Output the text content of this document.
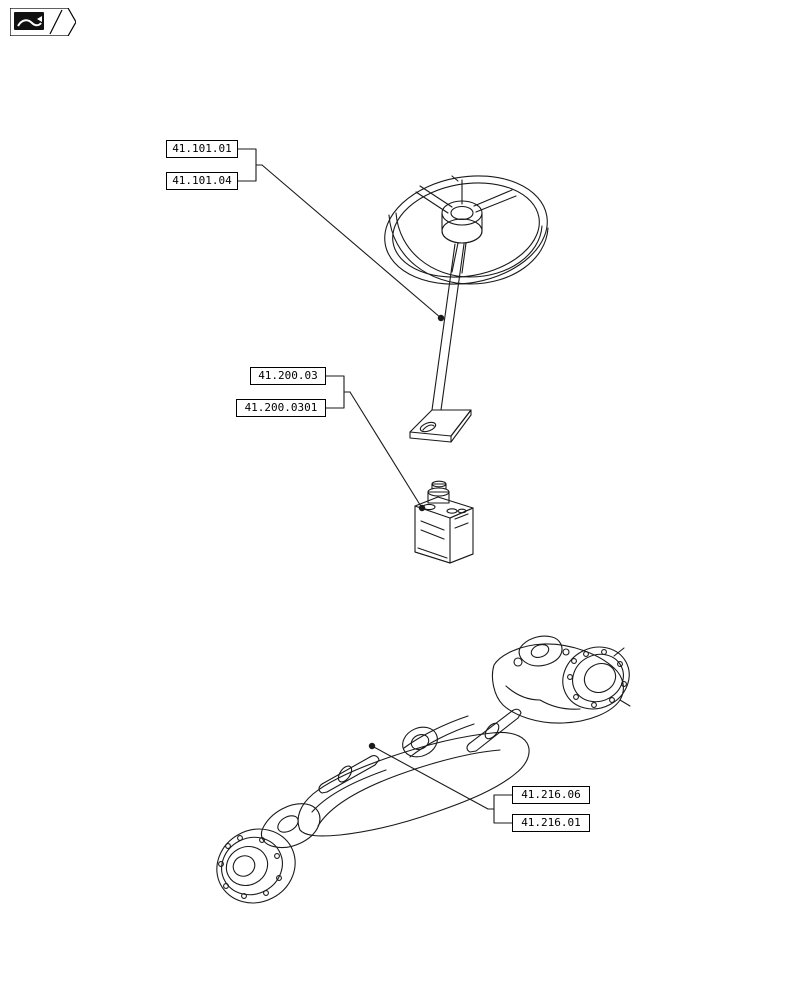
41.101.01
41.101.04
41.200.03
41.200.0301
41.216.06
41.216.01
